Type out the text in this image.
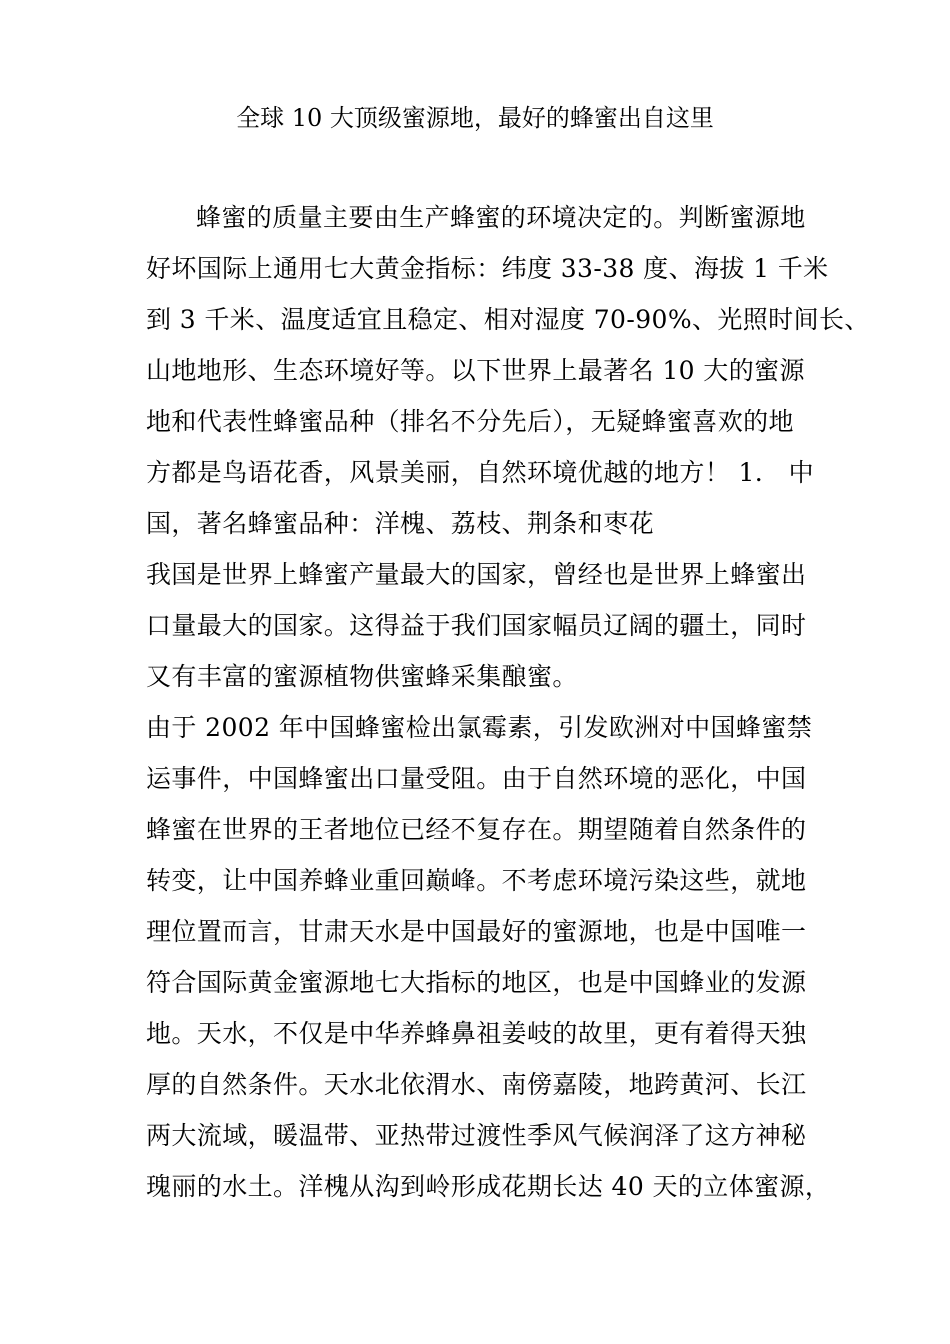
全球 10 大顶级蜜源地，最好的蜂蜜出自这里
蜂蜜的质量主要由生产蜂蜜的环境决定的。判断蜜源地
好坏国际上通用七大黄金指标：纬度 33-38 度、海拔 1 千米
到 3 千米、温度适宜且稳定、相对湿度 70-90%、光照时间长、
山地地形、生态环境好等。以下世界上最著名 10 大的蜜源
地和代表性蜂蜜品种（排名不分先后），无疑蜂蜜喜欢的地
方都是鸟语花香，风景美丽，自然环境优越的地方！ 1． 中
国，著名蜂蜜品种：洋槐、荔枝、荆条和枣花
我国是世界上蜂蜜产量最大的国家，曾经也是世界上蜂蜜出
口量最大的国家。这得益于我们国家幅员辽阔的疆土，同时
又有丰富的蜜源植物供蜜蜂采集酿蜜。
由于 2002 年中国蜂蜜检出氯霉素，引发欧洲对中国蜂蜜禁
运事件，中国蜂蜜出口量受阻。由于自然环境的恶化，中国
蜂蜜在世界的王者地位已经不复存在。期望随着自然条件的
转变，让中国养蜂业重回巅峰。不考虑环境污染这些，就地
理位置而言，甘肃天水是中国最好的蜜源地，也是中国唯一
符合国际黄金蜜源地七大指标的地区，也是中国蜂业的发源
地。天水，不仅是中华养蜂鼻祖姜岐的故里，更有着得天独
厚的自然条件。天水北依渭水、南傍嘉陵，地跨黄河、长江
两大流域，暖温带、亚热带过渡性季风气候润泽了这方神秘
瑰丽的水土。洋槐从沟到岭形成花期长达 40 天的立体蜜源，
